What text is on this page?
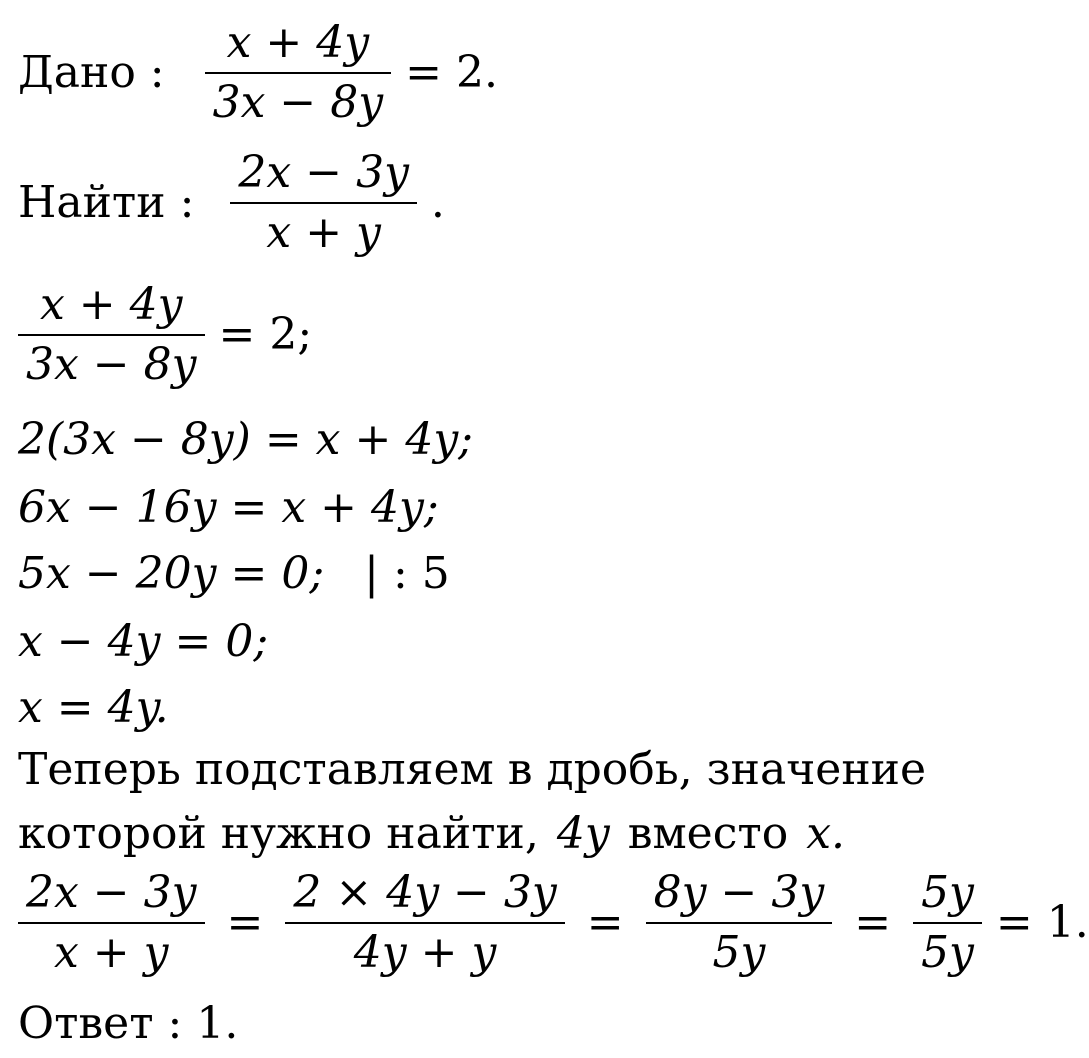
Дано : $\frac{x + 4y}{3x - 8y} = 2$.
Найти : $\frac{2x - 3y}{x + y}$ .
$\frac{x + 4y}{3x - 8y} = 2$;
2(3x − 8y) = x + 4y;
6x − 16y = x + 4y;
5x − 20y = 0; | : 5
x − 4y = 0;
x = 4y.
Теперь подставляем в дробь, значение
которой нужно найти, 4y вместо x.
$\frac{2x - 3y}{x + y} = \frac{2 \times 4y - 3y}{4y + y} = \frac{8y - 3y}{5y} = \frac{5y}{5y} = 1$.
Ответ : 1.
